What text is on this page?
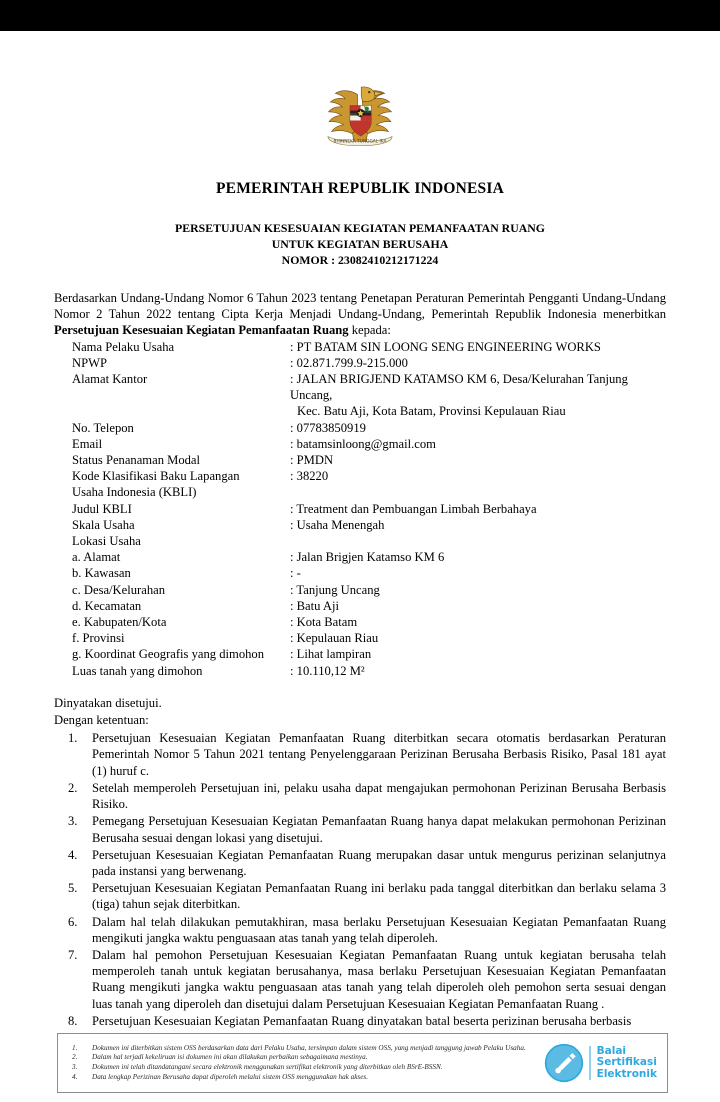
BHINNEKA TUNGGAL IKA
PEMERINTAH REPUBLIK INDONESIA
PERSETUJUAN KESESUAIAN KEGIATAN PEMANFAATAN RUANG
UNTUK KEGIATAN BERUSAHA
NOMOR : 23082410212171224
Berdasarkan Undang-Undang Nomor 6 Tahun 2023 tentang Penetapan Peraturan Pemerintah Pengganti Undang-Undang Nomor 2 Tahun 2022 tentang Cipta Kerja Menjadi Undang-Undang, Pemerintah Republik Indonesia menerbitkan Persetujuan Kesesuaian Kegiatan Pemanfaatan Ruang kepada:
Nama Pelaku Usaha	: PT BATAM SIN LOONG SENG ENGINEERING WORKS

NPWP	: 02.871.799.9-215.000

Alamat Kantor	: JALAN BRIGJEND KATAMSO KM 6, Desa/Kelurahan Tanjung Uncang,
Kec. Batu Aji, Kota Batam, Provinsi Kepulauan Riau

No. Telepon	: 07783850919

Email	: batamsinloong@gmail.com

Status Penanaman Modal	: PMDN

Kode Klasifikasi Baku Lapangan
Usaha Indonesia (KBLI)	: 38220

Judul KBLI	: Treatment dan Pembuangan Limbah Berbahaya

Skala Usaha	: Usaha Menengah

Lokasi Usaha	

a. Alamat	: Jalan Brigjen Katamso KM 6

b. Kawasan	: -

c. Desa/Kelurahan	: Tanjung Uncang

d. Kecamatan	: Batu Aji

e. Kabupaten/Kota	: Kota Batam

f. Provinsi	: Kepulauan Riau

g. Koordinat Geografis yang dimohon	: Lihat lampiran

Luas tanah yang dimohon	: 10.110,12 M²
Dinyatakan disetujui.
Dengan ketentuan:
Persetujuan Kesesuaian Kegiatan Pemanfaatan Ruang diterbitkan secara otomatis berdasarkan Peraturan Pemerintah Nomor 5 Tahun 2021 tentang Penyelenggaraan Perizinan Berusaha Berbasis Risiko, Pasal 181 ayat (1) huruf c.
Setelah memperoleh Persetujuan ini, pelaku usaha dapat mengajukan permohonan Perizinan Berusaha Berbasis Risiko.
Pemegang Persetujuan Kesesuaian Kegiatan Pemanfaatan Ruang hanya dapat melakukan permohonan Perizinan Berusaha sesuai dengan lokasi yang disetujui.
Persetujuan Kesesuaian Kegiatan Pemanfaatan Ruang merupakan dasar untuk mengurus perizinan selanjutnya pada instansi yang berwenang.
Persetujuan Kesesuaian Kegiatan Pemanfaatan Ruang ini berlaku pada tanggal diterbitkan dan berlaku selama 3 (tiga) tahun sejak diterbitkan.
Dalam hal telah dilakukan pemutakhiran, masa berlaku Persetujuan Kesesuaian Kegiatan Pemanfaatan Ruang mengikuti jangka waktu penguasaan atas tanah yang telah diperoleh.
Dalam hal pemohon Persetujuan Kesesuaian Kegiatan Pemanfaatan Ruang untuk kegiatan berusaha telah memperoleh tanah untuk kegiatan berusahanya, masa berlaku Persetujuan Kesesuaian Kegiatan Pemanfaatan Ruang mengikuti jangka waktu penguasaan atas tanah yang telah diperoleh oleh pemohon serta sesuai dengan luas tanah yang diperoleh dan disetujui dalam Persetujuan Kesesuaian Kegiatan Pemanfaatan Ruang .
Persetujuan Kesesuaian Kegiatan Pemanfaatan Ruang dinyatakan batal beserta perizinan berusaha berbasis
Dokumen ini diterbitkan sistem OSS berdasarkan data dari Pelaku Usaha, tersimpan dalam sistem OSS, yang menjadi tanggung jawab Pelaku Usaha.
Dalam hal terjadi kekeliruan isi dokumen ini akan dilakukan perbaikan sebagaimana mestinya.
Dokumen ini telah ditandatangani secara elektronik menggunakan sertifikat elektronik yang diterbitkan oleh BSrE-BSSN.
Data lengkap Perizinan Berusaha dapat diperoleh melalui sistem OSS menggunakan hak akses.
Balai
Sertifikasi
Elektronik
